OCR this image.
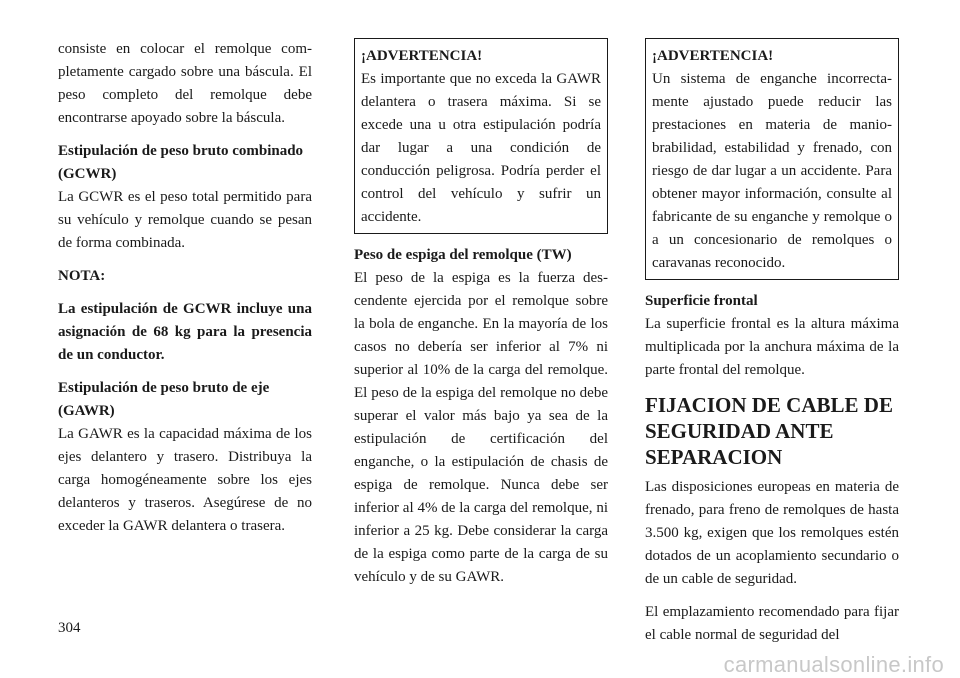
consiste en colocar el remolque completamente cargado sobre una báscula. El peso completo del remolque debe encontrarse apoyado sobre la báscula.

Estipulación de peso bruto combinado (GCWR)
La GCWR es el peso total permitido para su vehículo y remolque cuando se pesan de forma combinada.

NOTA:

La estipulación de GCWR incluye una asignación de 68 kg para la presencia de un conductor.

Estipulación de peso bruto de eje (GAWR)
La GAWR es la capacidad máxima de los ejes delantero y trasero. Distribuya la carga homogéneamente sobre los ejes delanteros y traseros. Asegúrese de no exceder la GAWR delantera o trasera.

¡ADVERTENCIA!
Es importante que no exceda la GAWR delantera o trasera máxima. Si se excede una u otra estipulación podría dar lugar a una condición de conducción peligrosa. Podría perder el control del vehículo y sufrir un accidente.

Peso de espiga del remolque (TW)
El peso de la espiga es la fuerza descendente ejercida por el remolque sobre la bola de enganche. En la mayoría de los casos no debería ser inferior al 7% ni superior al 10% de la carga del remolque. El peso de la espiga del remolque no debe superar el valor más bajo ya sea de la estipulación de certificación del enganche, o la estipulación de chasis de espiga de remolque. Nunca debe ser inferior al 4% de la carga del remolque, ni inferior a 25 kg. Debe considerar la carga de la espiga como parte de la carga de su vehículo y de su GAWR.

¡ADVERTENCIA!
Un sistema de enganche incorrectamente ajustado puede reducir las prestaciones en materia de maniobrabilidad, estabilidad y frenado, con riesgo de dar lugar a un accidente. Para obtener mayor información, consulte al fabricante de su enganche y remolque o a un concesionario de remolques o caravanas reconocido.

Superficie frontal
La superficie frontal es la altura máxima multiplicada por la anchura máxima de la parte frontal del remolque.

FIJACION DE CABLE DE SEGURIDAD ANTE SEPARACION

Las disposiciones europeas en materia de frenado, para freno de remolques de hasta 3.500 kg, exigen que los remolques estén dotados de un acoplamiento secundario o de un cable de seguridad.

El emplazamiento recomendado para fijar el cable normal de seguridad del

304
carmanualsonline.info
